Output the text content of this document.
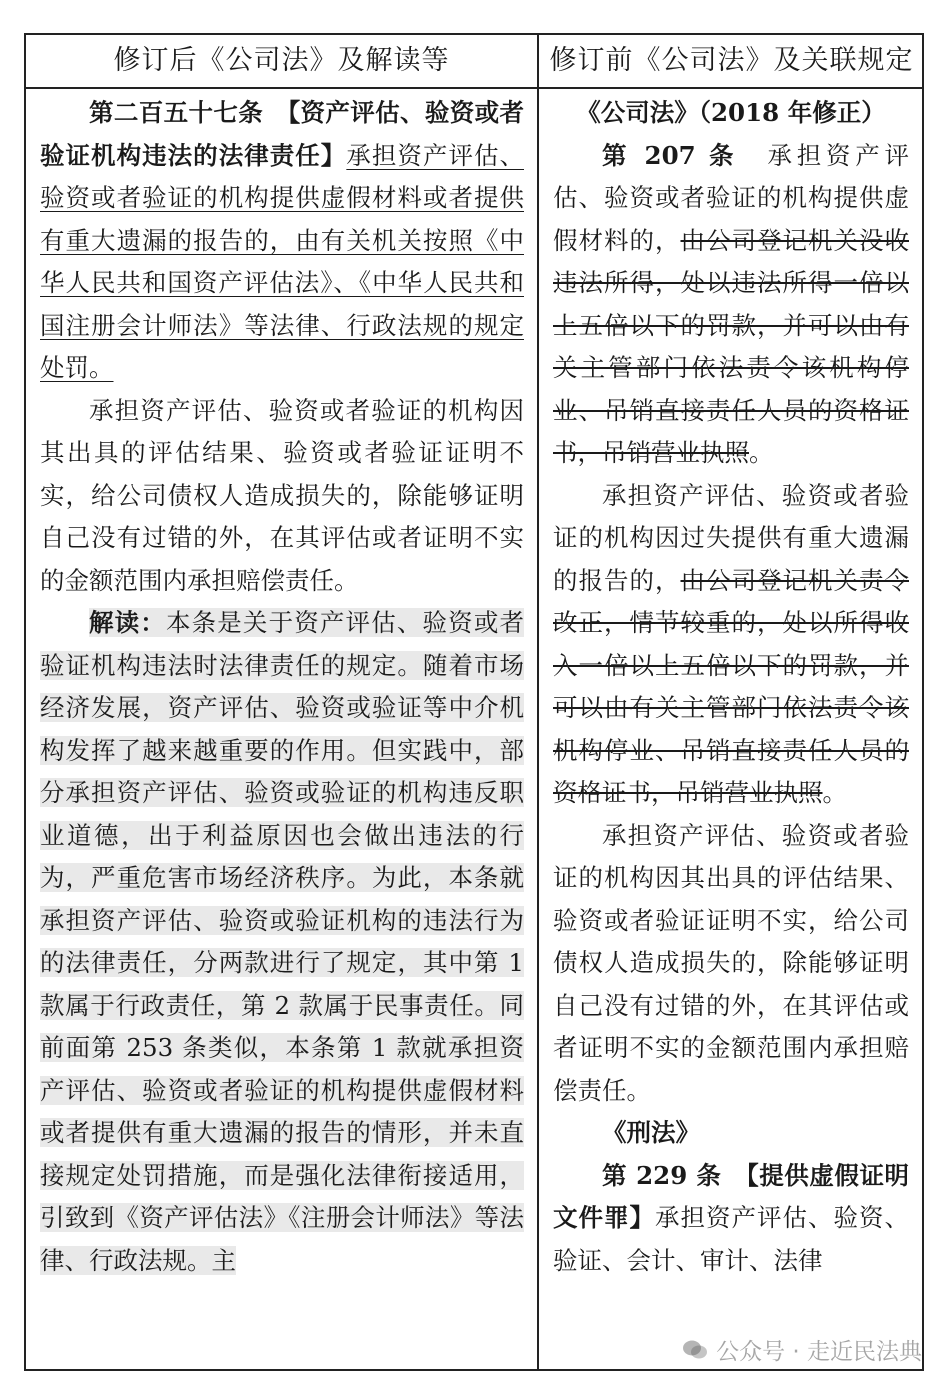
修订后《公司法》及解读等	修订前《公司法》及关联规定

第二百五十七条　【资产评估、验资或者验证机构违法的法律责任】承担资产评估、验资或者验证的机构提供虚假材料或者提供有重大遗漏的报告的，由有关机关按照《中华人民共和国资产评估法》、《中华人民共和国注册会计师法》等法律、行政法规的规定处罚。

承担资产评估、验资或者验证的机构因其出具的评估结果、验资或者验证证明不实，给公司债权人造成损失的，除能够证明自己没有过错的外，在其评估或者证明不实的金额范围内承担赔偿责任。

解读：本条是关于资产评估、验资或者验证机构违法时法律责任的规定。随着市场经济发展，资产评估、验资或验证等中介机构发挥了越来越重要的作用。但实践中，部分承担资产评估、验资或验证的机构违反职业道德，出于利益原因也会做出违法的行为，严重危害市场经济秩序。为此，本条就承担资产评估、验资或验证机构的违法行为的法律责任，分两款进行了规定，其中第 1 款属于行政责任，第 2 款属于民事责任。同前面第 253 条类似，本条第 1 款就承担资产评估、验资或者验证的机构提供虚假材料或者提供有重大遗漏的报告的情形，并未直接规定处罚措施，而是强化法律衔接适用，引致到《资产评估法》《注册会计师法》等法律、行政法规。主

《公司法》（2018 年修正）

第 207 条　承担资产评估、验资或者验证的机构提供虚假材料的，由公司登记机关没收违法所得，处以违法所得一倍以上五倍以下的罚款，并可以由有关主管部门依法责令该机构停业、吊销直接责任人员的资格证书，吊销营业执照。

承担资产评估、验资或者验证的机构因过失提供有重大遗漏的报告的，由公司登记机关责令改正，情节较重的，处以所得收入一倍以上五倍以下的罚款，并可以由有关主管部门依法责令该机构停业、吊销直接责任人员的资格证书，吊销营业执照。

承担资产评估、验资或者验证的机构因其出具的评估结果、验资或者验证证明不实，给公司债权人造成损失的，除能够证明自己没有过错的外，在其评估或者证明不实的金额范围内承担赔偿责任。

《刑法》

第 229 条　【提供虚假证明文件罪】承担资产评估、验资、验证、会计、审计、法律

公众号 · 走近民法典
